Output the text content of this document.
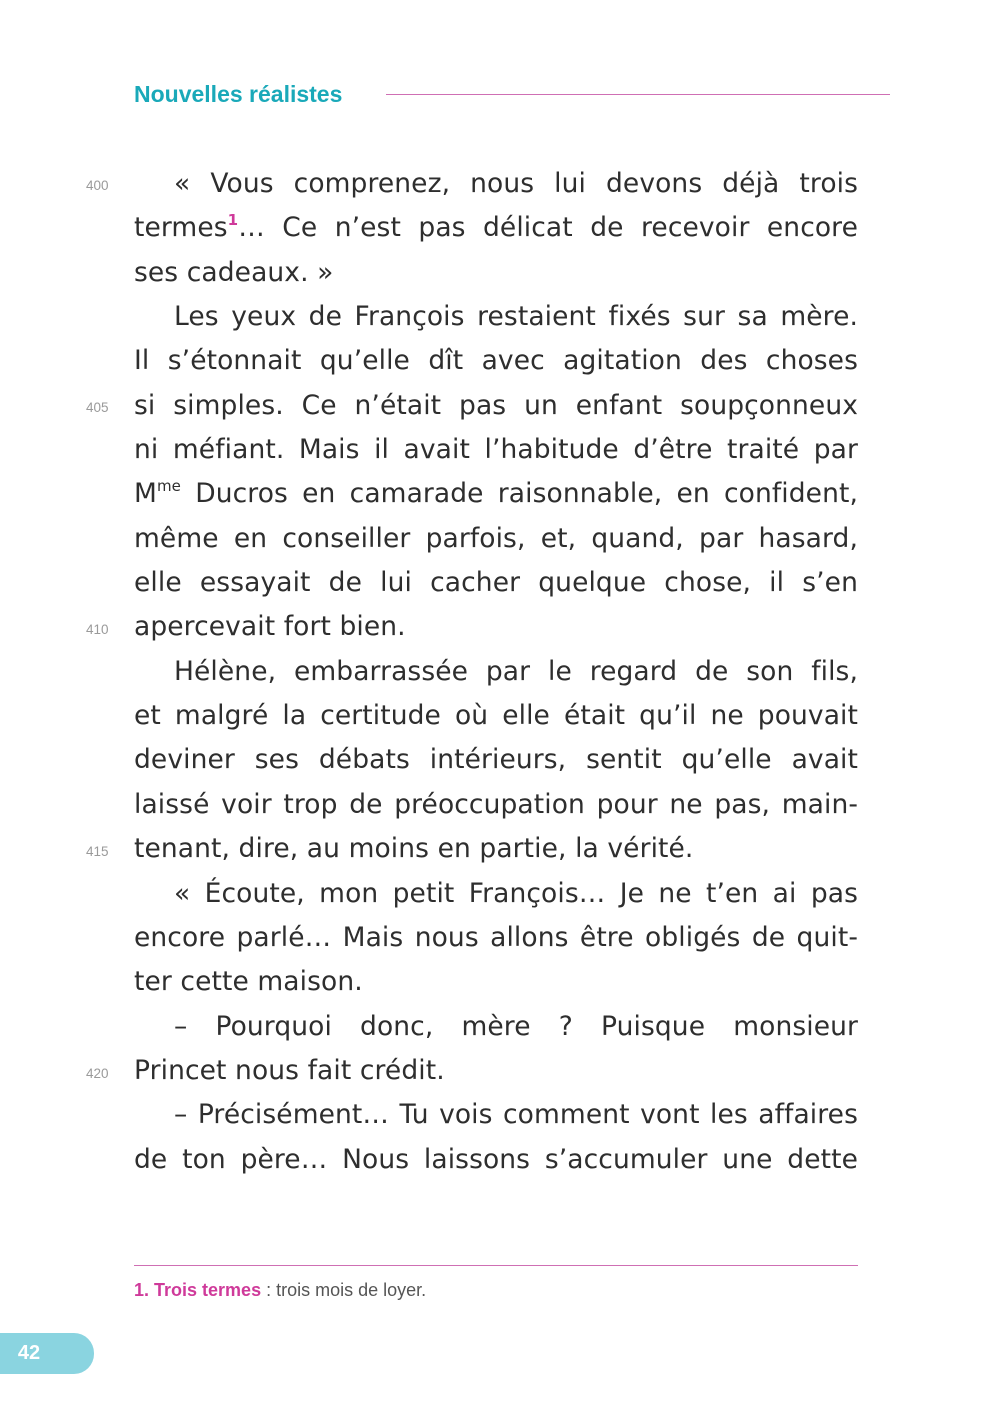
Nouvelles réalistes
400
405
410
415
420
« Vous comprenez, nous lui devons déjà trois
termes$^1$… Ce n’est pas délicat de recevoir encore
ses cadeaux. »
Les yeux de François restaient fixés sur sa mère.
Il s’étonnait qu’elle dît avec agitation des choses
si simples. Ce n’était pas un enfant soupçonneux
ni méfiant. Mais il avait l’habitude d’être traité par
$M^{me}$ Ducros en camarade raisonnable, en confident,
même en conseiller parfois, et, quand, par hasard,
elle essayait de lui cacher quelque chose, il s’en
apercevait fort bien.
Hélène, embarrassée par le regard de son fils,
et malgré la certitude où elle était qu’il ne pouvait
deviner ses débats intérieurs, sentit qu’elle avait
laissé voir trop de préoccupation pour ne pas, main-
tenant, dire, au moins en partie, la vérité.
« Écoute, mon petit François… Je ne t’en ai pas
encore parlé… Mais nous allons être obligés de quit-
ter cette maison.
– Pourquoi donc, mère ? Puisque monsieur
Princet nous fait crédit.
– Précisément… Tu vois comment vont les affaires
de ton père… Nous laissons s’accumuler une dette
1. Trois termes : trois mois de loyer.
42
